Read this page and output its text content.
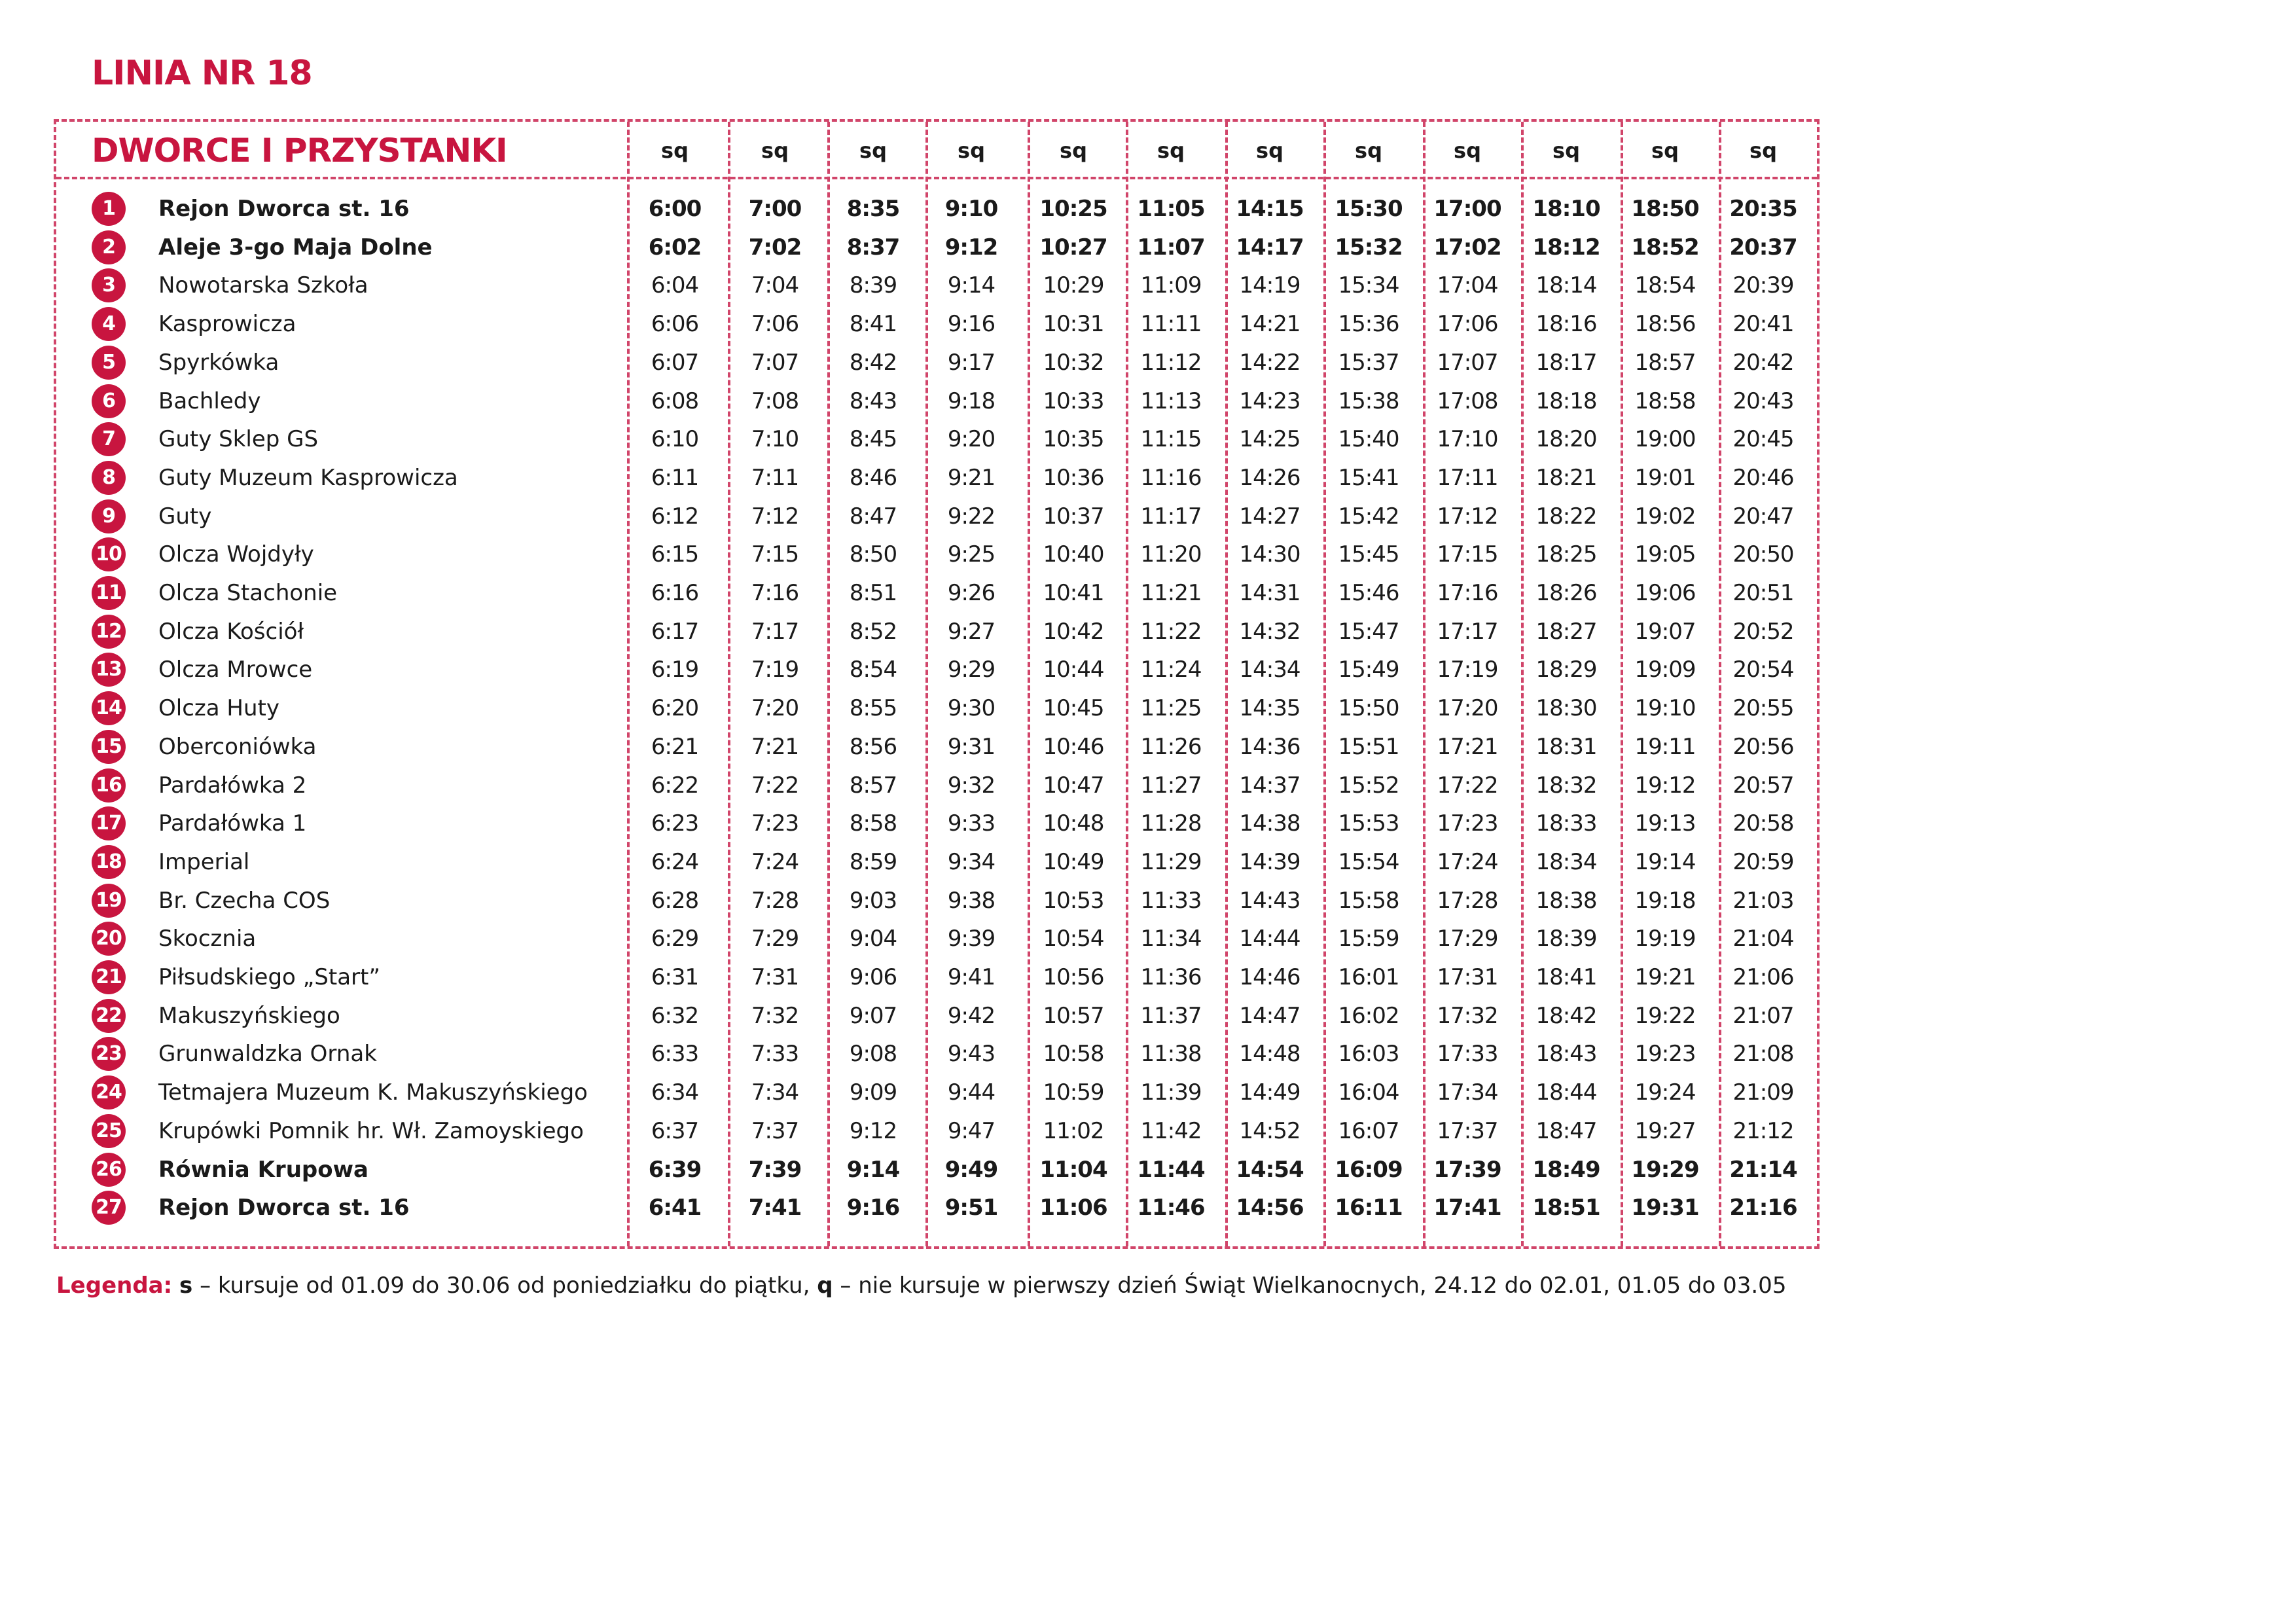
LINIA NR 18
DWORCE I PRZYSTANKI	sq	sq	sq	sq	sq	sq	sq	sq	sq	sq	sq	sq
1	Rejon Dworca st. 16	6:00	7:00	8:35	9:10	10:25	11:05	14:15	15:30	17:00	18:10	18:50	20:35
2	Aleje 3-go Maja Dolne	6:02	7:02	8:37	9:12	10:27	11:07	14:17	15:32	17:02	18:12	18:52	20:37
3	Nowotarska Szkoła	6:04	7:04	8:39	9:14	10:29	11:09	14:19	15:34	17:04	18:14	18:54	20:39
4	Kasprowicza	6:06	7:06	8:41	9:16	10:31	11:11	14:21	15:36	17:06	18:16	18:56	20:41
5	Spyrkówka	6:07	7:07	8:42	9:17	10:32	11:12	14:22	15:37	17:07	18:17	18:57	20:42
6	Bachledy	6:08	7:08	8:43	9:18	10:33	11:13	14:23	15:38	17:08	18:18	18:58	20:43
7	Guty Sklep GS	6:10	7:10	8:45	9:20	10:35	11:15	14:25	15:40	17:10	18:20	19:00	20:45
8	Guty Muzeum Kasprowicza	6:11	7:11	8:46	9:21	10:36	11:16	14:26	15:41	17:11	18:21	19:01	20:46
9	Guty	6:12	7:12	8:47	9:22	10:37	11:17	14:27	15:42	17:12	18:22	19:02	20:47
10 Olcza Wojdyły	6:15	7:15	8:50	9:25	10:40	11:20	14:30	15:45	17:15	18:25	19:05	20:50
11 Olcza Stachonie	6:16	7:16	8:51	9:26	10:41	11:21	14:31	15:46	17:16	18:26	19:06	20:51
12 Olcza Kościół	6:17	7:17	8:52	9:27	10:42	11:22	14:32	15:47	17:17	18:27	19:07	20:52
13 Olcza Mrowce	6:19	7:19	8:54	9:29	10:44	11:24	14:34	15:49	17:19	18:29	19:09	20:54
14 Olcza Huty	6:20	7:20	8:55	9:30	10:45	11:25	14:35	15:50	17:20	18:30	19:10	20:55
15 Oberconiówka	6:21	7:21	8:56	9:31	10:46	11:26	14:36	15:51	17:21	18:31	19:11	20:56
16 Pardałówka 2	6:22	7:22	8:57	9:32	10:47	11:27	14:37	15:52	17:22	18:32	19:12	20:57
17 Pardałówka 1	6:23	7:23	8:58	9:33	10:48	11:28	14:38	15:53	17:23	18:33	19:13	20:58
18 Imperial	6:24	7:24	8:59	9:34	10:49	11:29	14:39	15:54	17:24	18:34	19:14	20:59
19 Br. Czecha COS	6:28	7:28	9:03	9:38	10:53	11:33	14:43	15:58	17:28	18:38	19:18	21:03
20 Skocznia	6:29	7:29	9:04	9:39	10:54	11:34	14:44	15:59	17:29	18:39	19:19	21:04
21 Piłsudskiego „Start”	6:31	7:31	9:06	9:41	10:56	11:36	14:46	16:01	17:31	18:41	19:21	21:06
22 Makuszyńskiego	6:32	7:32	9:07	9:42	10:57	11:37	14:47	16:02	17:32	18:42	19:22	21:07
23 Grunwaldzka Ornak	6:33	7:33	9:08	9:43	10:58	11:38	14:48	16:03	17:33	18:43	19:23	21:08
24 Tetmajera Muzeum K. Makuszyńskiego	6:34	7:34	9:09	9:44	10:59	11:39	14:49	16:04	17:34	18:44	19:24	21:09
25 Krupówki Pomnik hr. Wł. Zamoyskiego	6:37	7:37	9:12	9:47	11:02	11:42	14:52	16:07	17:37	18:47	19:27	21:12
26 Równia Krupowa	6:39	7:39	9:14	9:49	11:04	11:44	14:54	16:09	17:39	18:49	19:29	21:14
27 Rejon Dworca st. 16	6:41	7:41	9:16	9:51	11:06	11:46	14:56	16:11	17:41	18:51	19:31	21:16
Legenda: s – kursuje od 01.09 do 30.06 od poniedziałku do piątku, q – nie kursuje w pierwszy dzień Świąt Wielkanocnych, 24.12 do 02.01, 01.05 do 03.05
